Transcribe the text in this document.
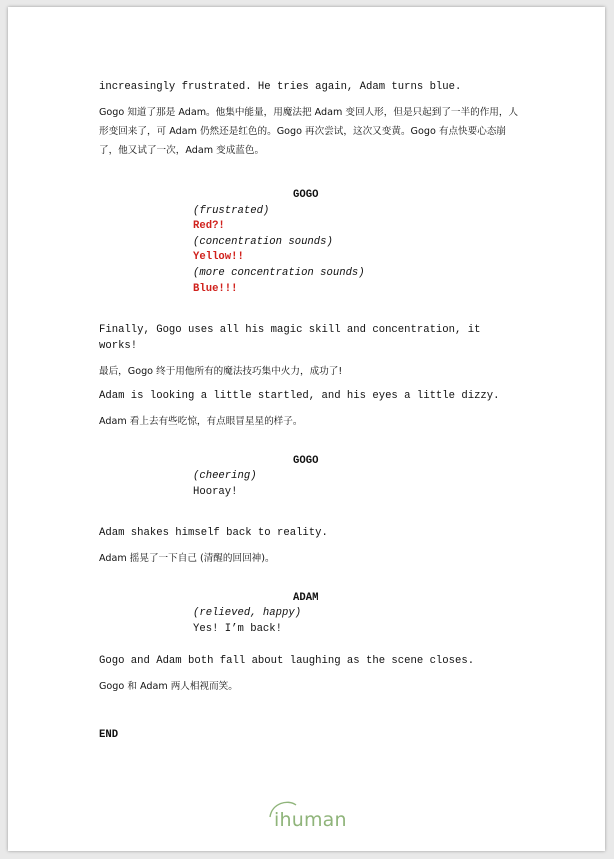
increasingly frustrated. He tries again, Adam turns blue.
Gogo 知道了那是 Adam。他集中能量，用魔法把 Adam 变回人形，但是只起到了一半的作用，人形变回来了，可 Adam 仍然还是红色的。Gogo 再次尝试，这次又变黄。Gogo 有点快要心态崩了，他又试了一次，Adam 变成蓝色。
GOGO
(frustrated)
Red?!
(concentration sounds)
Yellow!!
(more concentration sounds)
Blue!!!
Finally, Gogo uses all his magic skill and concentration, it
works!
最后，Gogo 终于用他所有的魔法技巧集中火力，成功了!
Adam is looking a little startled, and his eyes a little dizzy.
Adam 看上去有些吃惊，有点眼冒星星的样子。
GOGO
(cheering)
Hooray!
Adam shakes himself back to reality.
Adam 摇晃了一下自己 (清醒的回回神)。
ADAM
(relieved, happy)
Yes! I’m back!
Gogo and Adam both fall about laughing as the scene closes.
Gogo 和 Adam 两人相视而笑。
END
ihuman
